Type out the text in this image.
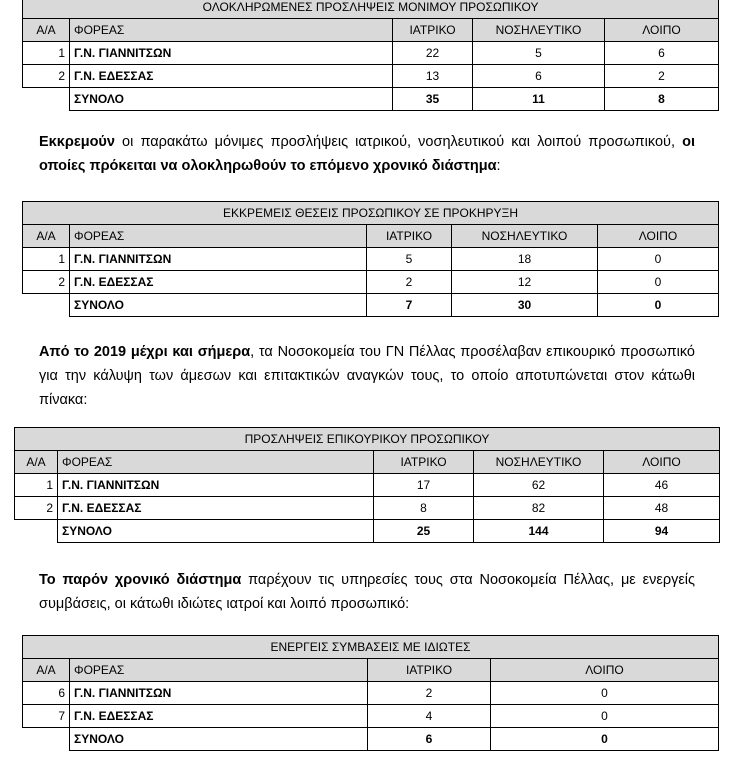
ΟΛΟΚΛΗΡΩΜΕΝΕΣ ΠΡΟΣΛΗΨΕΙΣ ΜΟΝΙΜΟΥ ΠΡΟΣΩΠΙΚΟΥ				
Α/Α	ΦΟΡΕΑΣ	ΙΑΤΡΙΚΟ	ΝΟΣΗΛΕΥΤΙΚΟ	ΛΟΙΠΟ
1	Γ.Ν. ΓΙΑΝΝΙΤΣΩΝ	22	5	6
2	Γ.Ν. ΕΔΕΣΣΑΣ	13	6	2
	ΣΥΝΟΛΟ	35	11	8
Εκκρεμούν οι παρακάτω μόνιμες προσλήψεις ιατρικού, νοσηλευτικού και λοιπού προσωπικού, οι οποίες πρόκειται να ολοκληρωθούν το επόμενο χρονικό διάστημα:
ΕΚΚΡΕΜΕΙΣ ΘΕΣΕΙΣ ΠΡΟΣΩΠΙΚΟΥ ΣΕ ΠΡΟΚΗΡΥΞΗ				
Α/Α	ΦΟΡΕΑΣ	ΙΑΤΡΙΚΟ	ΝΟΣΗΛΕΥΤΙΚΟ	ΛΟΙΠΟ
1	Γ.Ν. ΓΙΑΝΝΙΤΣΩΝ	5	18	0
2	Γ.Ν. ΕΔΕΣΣΑΣ	2	12	0
	ΣΥΝΟΛΟ	7	30	0
Από το 2019 μέχρι και σήμερα, τα Νοσοκομεία του ΓΝ Πέλλας προσέλαβαν επικουρικό προσωπικό για την κάλυψη των άμεσων και επιτακτικών αναγκών τους, το οποίο αποτυπώνεται στον κάτωθι πίνακα:
ΠΡΟΣΛΗΨΕΙΣ ΕΠΙΚΟΥΡΙΚΟΥ ΠΡΟΣΩΠΙΚΟΥ				
Α/Α	ΦΟΡΕΑΣ	ΙΑΤΡΙΚΟ	ΝΟΣΗΛΕΥΤΙΚΟ	ΛΟΙΠΟ
1	Γ.Ν. ΓΙΑΝΝΙΤΣΩΝ	17	62	46
2	Γ.Ν. ΕΔΕΣΣΑΣ	8	82	48
	ΣΥΝΟΛΟ	25	144	94
Το παρόν χρονικό διάστημα παρέχουν τις υπηρεσίες τους στα Νοσοκομεία Πέλλας, με ενεργείς συμβάσεις, οι κάτωθι ιδιώτες ιατροί και λοιπό προσωπικό:
ΕΝΕΡΓΕΙΣ ΣΥΜΒΑΣΕΙΣ ΜΕ ΙΔΙΩΤΕΣ			
Α/Α	ΦΟΡΕΑΣ	ΙΑΤΡΙΚΟ	ΛΟΙΠΟ
6	Γ.Ν. ΓΙΑΝΝΙΤΣΩΝ	2	0
7	Γ.Ν. ΕΔΕΣΣΑΣ	4	0
	ΣΥΝΟΛΟ	6	0
